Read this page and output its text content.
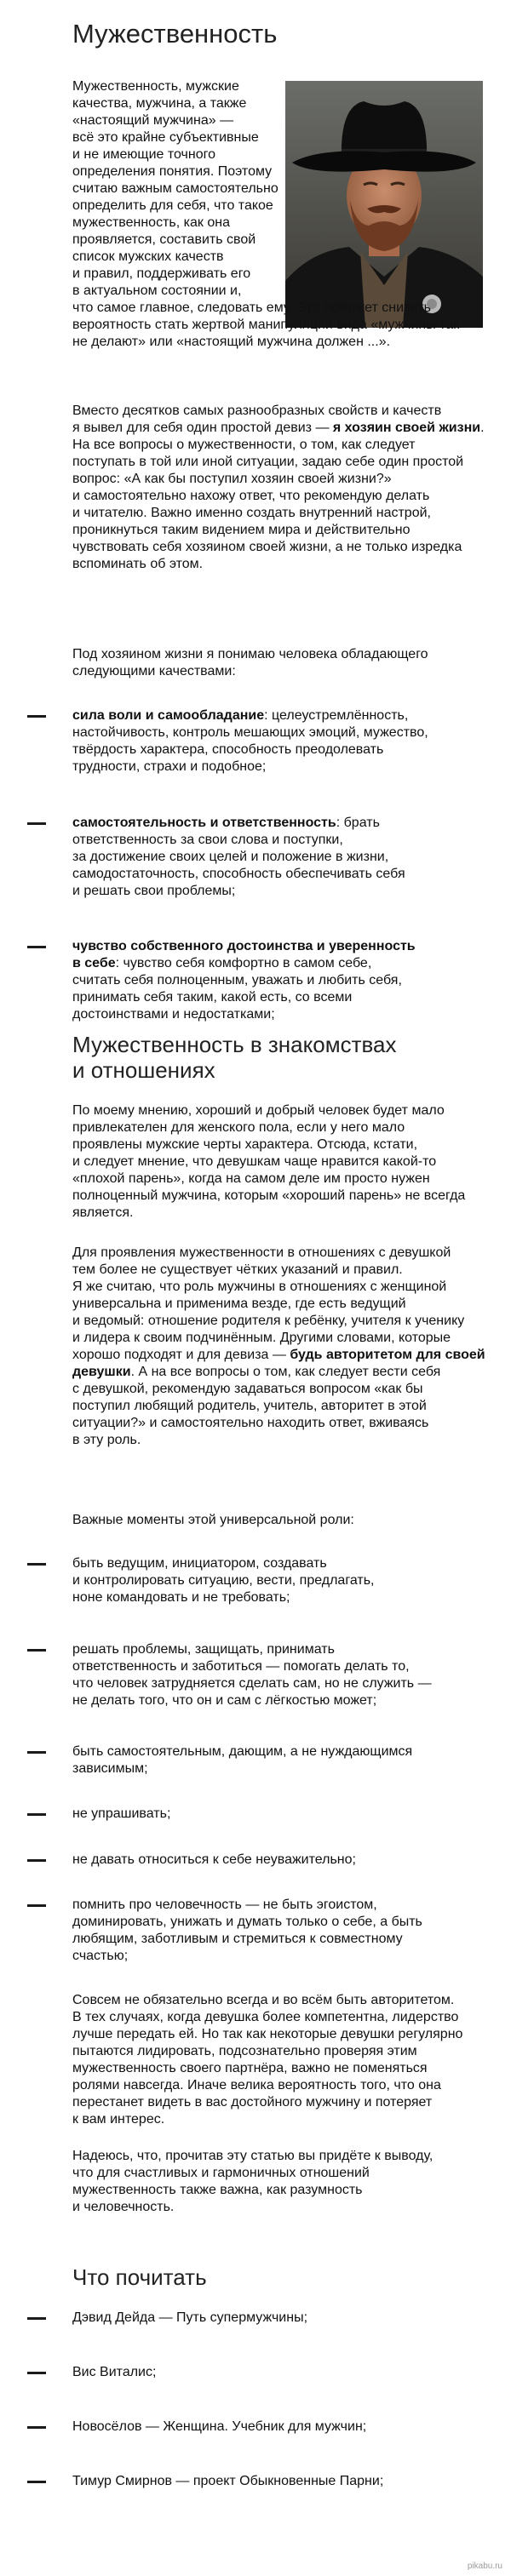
Мужественность

Мужественность, мужские
качества, мужчина, а также
«настоящий мужчина» —
всё это крайне субъективные
и не имеющие точного
определения понятия. Поэтому
считаю важным самостоятельно
определить для себя, что такое
мужественность, как она
проявляется, составить свой
список мужских качеств
и правил, поддерживать его
в актуальном состоянии и,
что самое главное, следовать ему. Это поможет снизить
вероятность стать жертвой манипуляций вида «мужчины так
не делают» или «настоящий мужчина должен ...».

Вместо десятков самых разнообразных свойств и качеств
я вывел для себя один простой девиз — я хозяин своей жизни.
На все вопросы о мужественности, о том, как следует
поступать в той или иной ситуации, задаю себе один простой
вопрос: «А как бы поступил хозяин своей жизни?»
и самостоятельно нахожу ответ, что рекомендую делать
и читателю. Важно именно создать внутренний настрой,
проникнуться таким видением мира и действительно
чувствовать себя хозяином своей жизни, а не только изредка
вспоминать об этом.

Под хозяином жизни я понимаю человека обладающего
следующими качествами:

сила воли и самообладание: целеустремлённость,
настойчивость, контроль мешающих эмоций, мужество,
твёрдость характера, способность преодолевать
трудности, страхи и подобное;

самостоятельность и ответственность: брать
ответственность за свои слова и поступки,
за достижение своих целей и положение в жизни,
самодостаточность, способность обеспечивать себя
и решать свои проблемы;

чувство собственного достоинства и уверенность
в себе: чувство себя комфортно в самом себе,
считать себя полноценным, уважать и любить себя,
принимать себя таким, какой есть, со всеми
достоинствами и недостатками;

Мужественность в знакомствах
и отношениях

По моему мнению, хороший и добрый человек будет мало
привлекателен для женского пола, если у него мало
проявлены мужские черты характера. Отсюда, кстати,
и следует мнение, что девушкам чаще нравится какой-то
«плохой парень», когда на самом деле им просто нужен
полноценный мужчина, которым «хороший парень» не всегда
является.

Для проявления мужественности в отношениях с девушкой
тем более не существует чётких указаний и правил.
Я же считаю, что роль мужчины в отношениях с женщиной
универсальна и применима везде, где есть ведущий
и ведомый: отношение родителя к ребёнку, учителя к ученику
и лидера к своим подчинённым. Другими словами, которые
хорошо подходят и для девиза — будь авторитетом для своей
девушки. А на все вопросы о том, как следует вести себя
с девушкой, рекомендую задаваться вопросом «как бы
поступил любящий родитель, учитель, авторитет в этой
ситуации?» и самостоятельно находить ответ, вживаясь
в эту роль.

Важные моменты этой универсальной роли:

быть ведущим, инициатором, создавать
и контролировать ситуацию, вести, предлагать,
ноне командовать и не требовать;

решать проблемы, защищать, принимать
ответственность и заботиться — помогать делать то,
что человек затрудняется сделать сам, но не служить —
не делать того, что он и сам с лёгкостью может;

быть самостоятельным, дающим, а не нуждающимся
зависимым;

не упрашивать;

не давать относиться к себе неуважительно;

помнить про человечность — не быть эгоистом,
доминировать, унижать и думать только о себе, а быть
любящим, заботливым и стремиться к совместному
счастью;

Совсем не обязательно всегда и во всём быть авторитетом.
В тех случаях, когда девушка более компетентна, лидерство
лучше передать ей. Но так как некоторые девушки регулярно
пытаются лидировать, подсознательно проверяя этим
мужественность своего партнёра, важно не поменяться
ролями навсегда. Иначе велика вероятность того, что она
перестанет видеть в вас достойного мужчину и потеряет
к вам интерес.

Надеюсь, что, прочитав эту статью вы придёте к выводу,
что для счастливых и гармоничных отношений
мужественность также важна, как разумность
и человечность.

Что почитать

Дэвид Дейда — Путь супермужчины;

Вис Виталис;

Новосёлов — Женщина. Учебник для мужчин;

Тимур Смирнов — проект Обыкновенные Парни;

pikabu.ru
